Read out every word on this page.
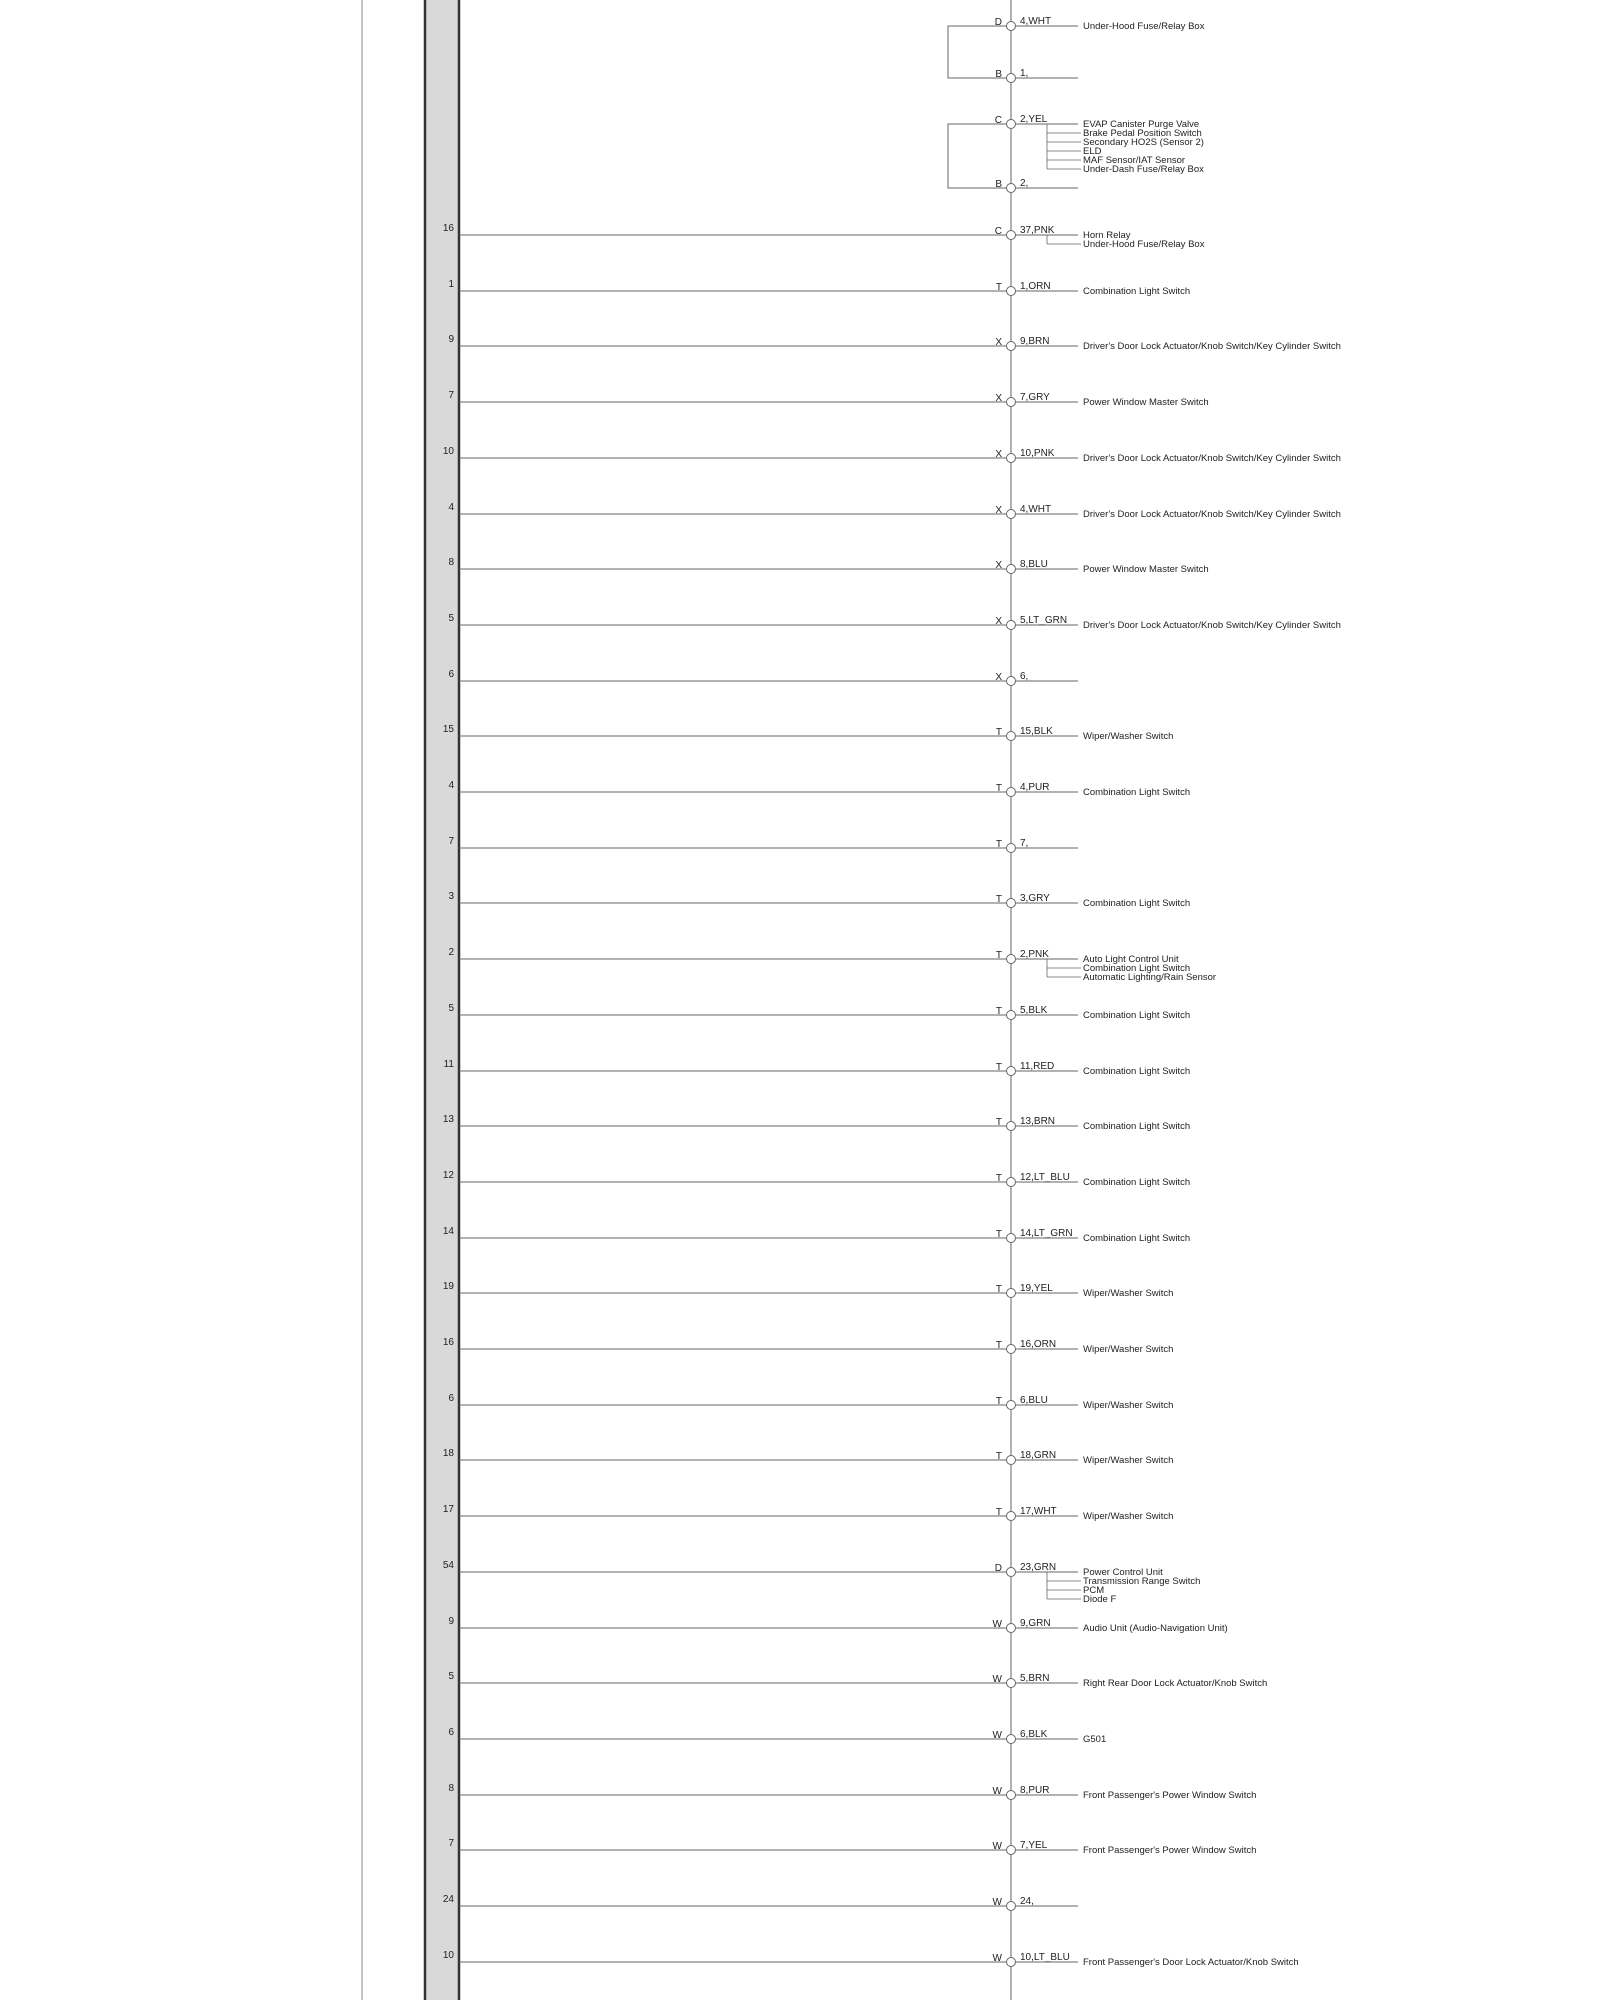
D 4,WHT	Under-Hood Fuse/Relay Box
B 1,
C 2,YEL	EVAP Canister Purge Valve
Brake Pedal Position Switch
Secondary HO2S (Sensor 2)
ELD
MAF Sensor/IAT Sensor
Under-Dash Fuse/Relay Box
B 2,
16	C 37,PNK	Horn Relay
Under-Hood Fuse/Relay Box
1	T 1,ORN	Combination Light Switch
9	X 9,BRN	Driver's Door Lock Actuator/Knob Switch/Key Cylinder Switch
7	X 7,GRY	Power Window Master Switch
10	X 10,PNK	Driver's Door Lock Actuator/Knob Switch/Key Cylinder Switch
4	X 4,WHT	Driver's Door Lock Actuator/Knob Switch/Key Cylinder Switch
8	X 8,BLU	Power Window Master Switch
5	X 5,LT_GRN Driver's Door Lock Actuator/Knob Switch/Key Cylinder Switch
6	X 6,
15	T 15,BLK	Wiper/Washer Switch
4	T 4,PUR	Combination Light Switch
7	T 7,
3	T 3,GRY	Combination Light Switch
2	T 2,PNK	Auto Light Control Unit
Combination Light Switch
Automatic Lighting/Rain Sensor
5	T 5,BLK	Combination Light Switch
11	T 11,RED	Combination Light Switch
13	T 13,BRN	Combination Light Switch
12	T 12,LT_BLU Combination Light Switch
14	T 14,LT_GRN Combination Light Switch
19	T 19,YEL	Wiper/Washer Switch
16	T 16,ORN	Wiper/Washer Switch
6	T 6,BLU	Wiper/Washer Switch
18	T 18,GRN	Wiper/Washer Switch
17	T 17,WHT	Wiper/Washer Switch
54	D 23,GRN	Power Control Unit
Transmission Range Switch
PCM
Diode F
9	W 9,GRN	Audio Unit (Audio-Navigation Unit)
5	W 5,BRN	Right Rear Door Lock Actuator/Knob Switch
6	W 6,BLK	G501
8	W 8,PUR	Front Passenger's Power Window Switch
7	W 7,YEL	Front Passenger's Power Window Switch
24	W 24,
10	W 10,LT_BLU Front Passenger's Door Lock Actuator/Knob Switch
